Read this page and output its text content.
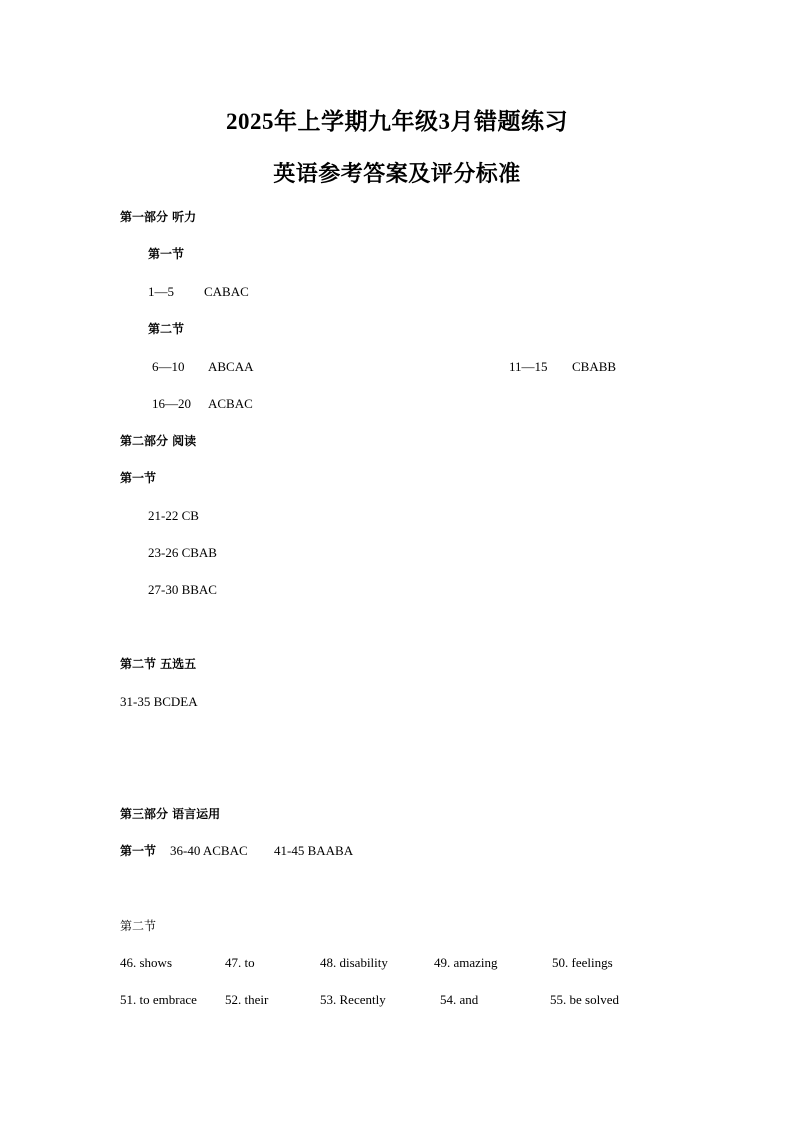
2025年上学期九年级3月错题练习
英语参考答案及评分标准
第一部分 听力
第一节
1—5 CABAC
第二节
6—10 ABCAA	11—15 CBABB
16—20 ACBAC
第二部分 阅读
第一节
21-22 CB
23-26 CBAB
27-30 BBAC
第二节 五选五
31-35 BCDEA
第三部分 语言运用
第一节 36-40 ACBAC 41-45 BAABA
第二节
46. shows	47. to	48. disability	49. amazing	50. feelings
51. to embrace 52. their	53. Recently	54. and	55. be solved
